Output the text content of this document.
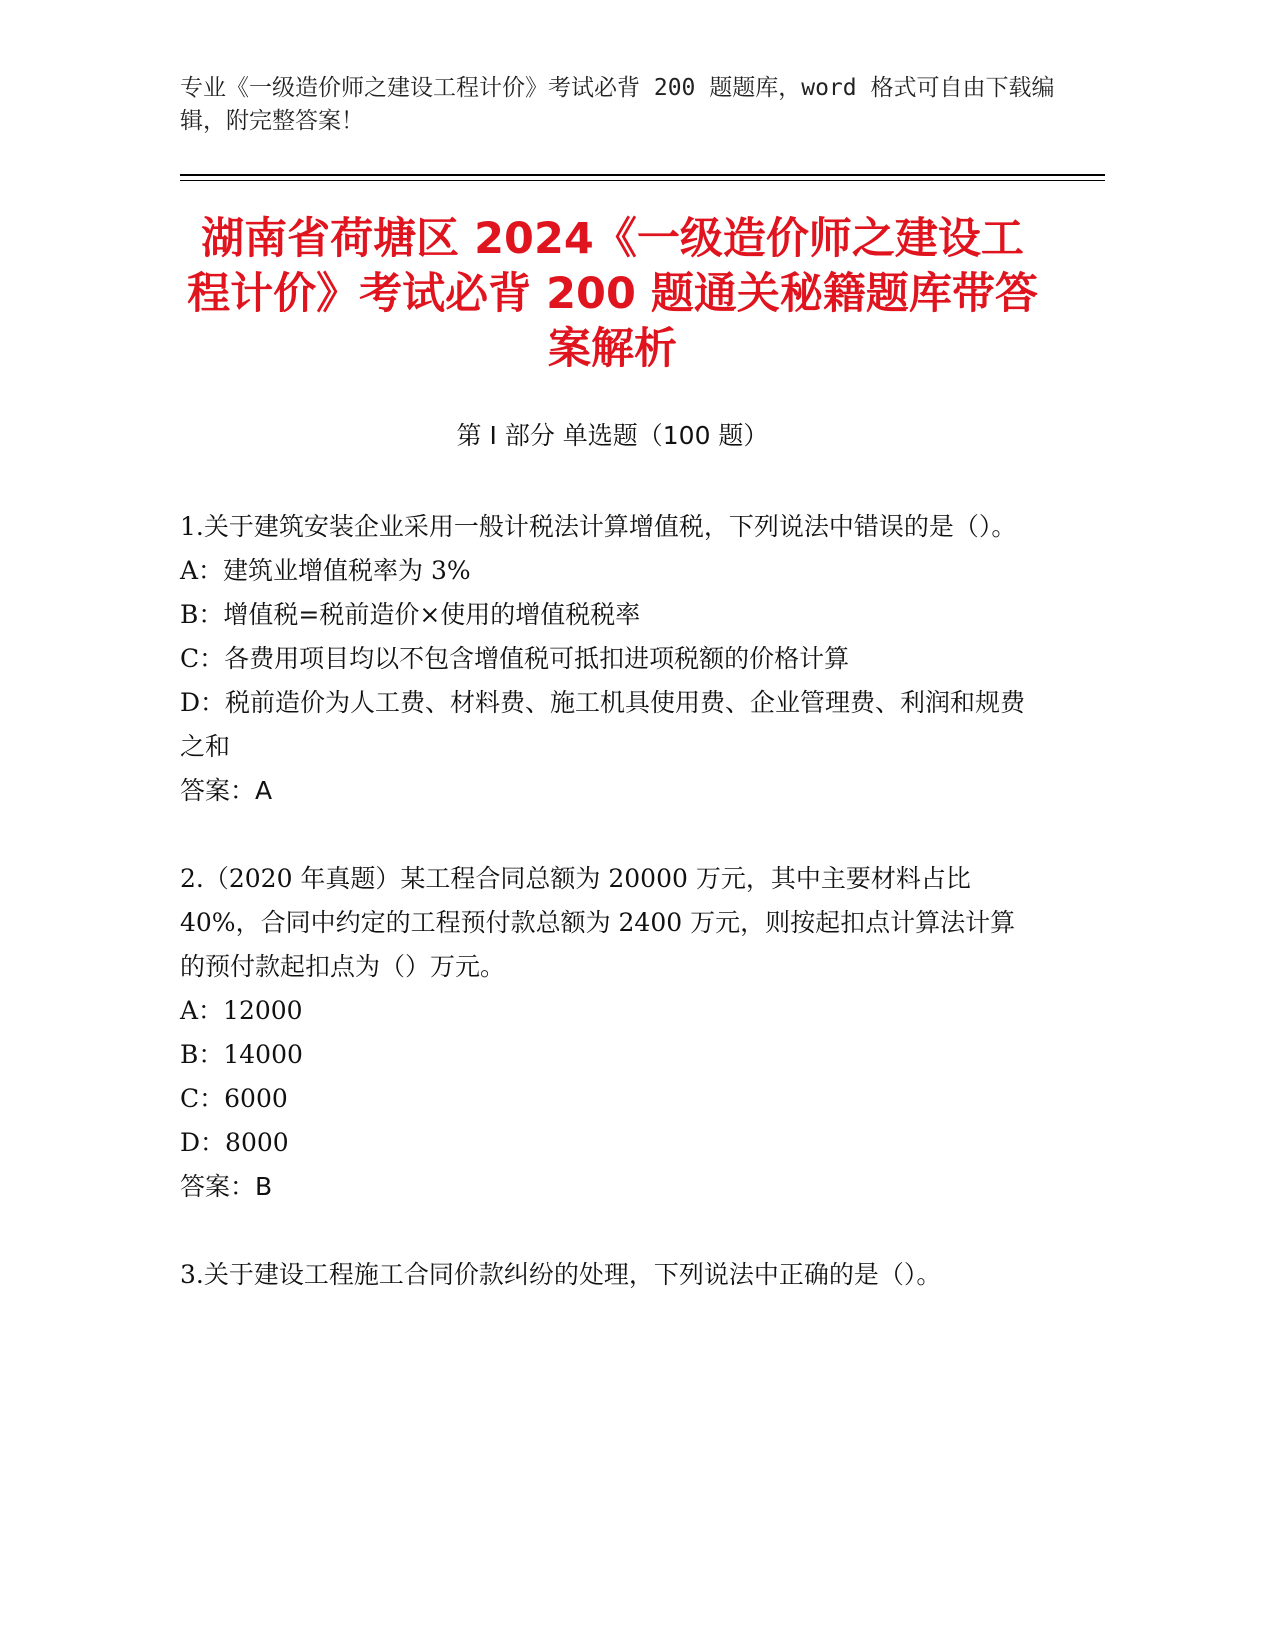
专业《一级造价师之建设工程计价》考试必背 200 题题库，word 格式可自由下载编辑，附完整答案！
湖南省荷塘区 2024《一级造价师之建设工程计价》考试必背 200 题通关秘籍题库带答案解析
第 I 部分 单选题（100 题）
1.关于建筑安装企业采用一般计税法计算增值税，下列说法中错误的是（）。
A：建筑业增值税率为 3%
B：增值税=税前造价×使用的增值税税率
C：各费用项目均以不包含增值税可抵扣进项税额的价格计算
D：税前造价为人工费、材料费、施工机具使用费、企业管理费、利润和规费之和
答案：A
2.（2020 年真题）某工程合同总额为 20000 万元，其中主要材料占比 40%，合同中约定的工程预付款总额为 2400 万元，则按起扣点计算法计算的预付款起扣点为（）万元。
A：12000
B：14000
C：6000
D：8000
答案：B
3.关于建设工程施工合同价款纠纷的处理，下列说法中正确的是（）。
